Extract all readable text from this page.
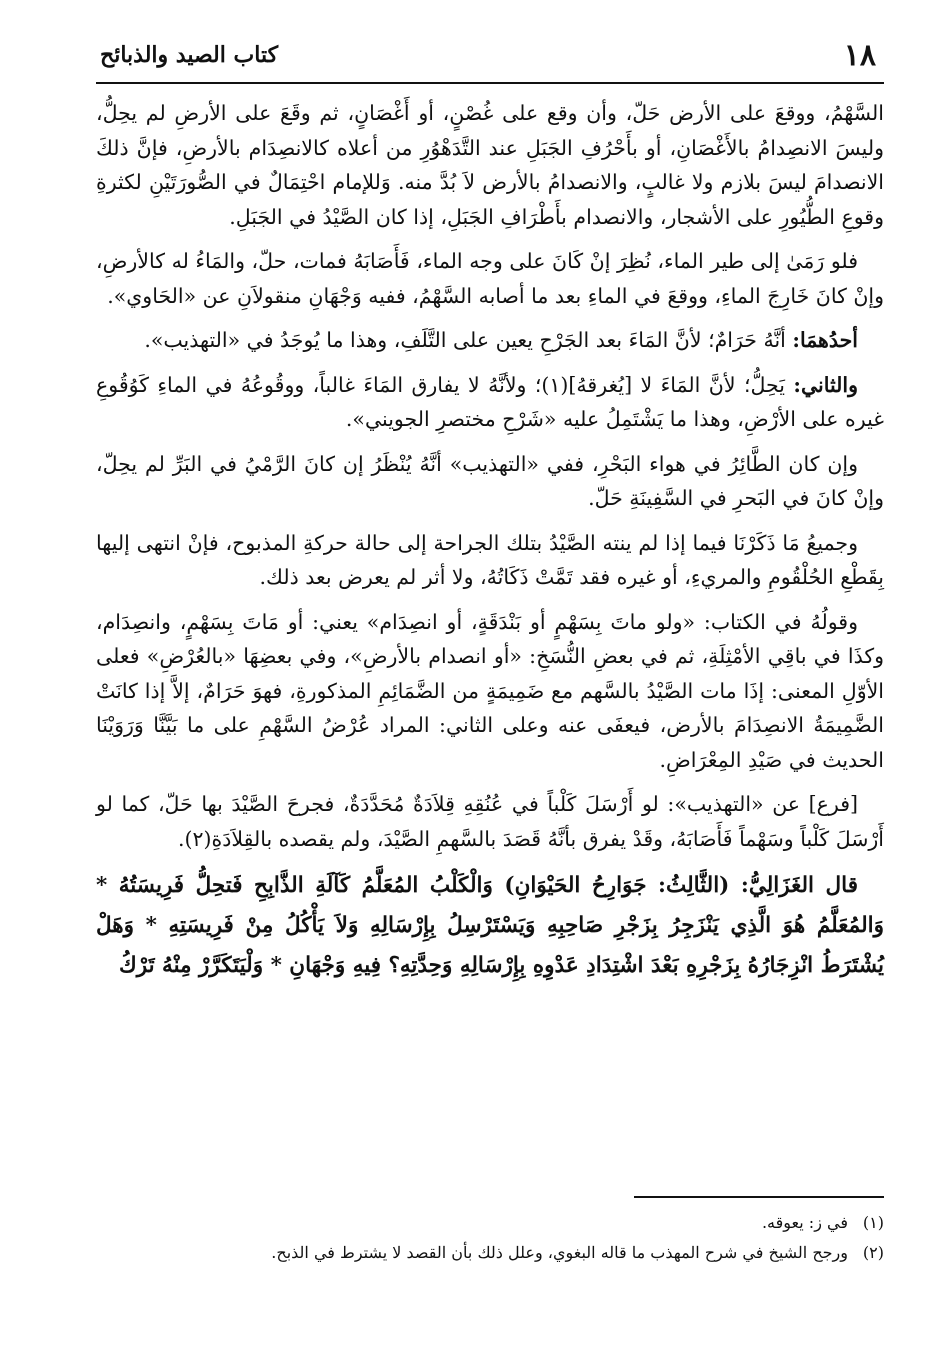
١٨
كتاب الصيد والذبائح

السَّهْمُ، ووقعَ على الأرض حَلّ، وأن وقع على غُصْنٍ، أو أَغْصَانٍ، ثم وقَعَ على الأرضِ لم يحِلُّ، وليسَ الانصِدامُ بالأَغْصَانِ، أو بأَحْرُفِ الجَبَلِ عند التَّدَهْوُرِ من أعلاه كالانصِدَام بالأرضِ، فإنَّ ذلكَ الانصدامَ ليسَ بلازم ولا غالبٍ، والانصدامُ بالأرض لاَ بُدَّ منه. وَللإمام احْتِمَالٌ في الصُّورَتَيْنِ لكثرةِ وقوعِ الطُّيُورِ على الأشجار، والانصدام بأَطْرَافِ الجَبَلِ، إذا كان الصَّيْدُ في الجَبَلِ.

فلو رَمَىٰ إلى طير الماء، نُظِرَ إنْ كَانَ على وجه الماء، فَأَصَابَهُ فمات، حلّ، والمَاءُ له كالأرضِ، وإنْ كانَ خَارِجَ الماءِ، ووقعَ في الماءِ بعد ما أصابه السَّهْمُ، ففيه وَجْهَانِ منقولاَنِ عن «الحَاوي».

أحدُهمَا: أنَّهُ حَرَامٌ؛ لأنَّ المَاءَ بعد الجَرْحِ يعين على التَّلَفِ، وهذا ما يُوجَدُ في «التهذيب».

والثاني: يَحِلُّ؛ لأنَّ المَاءَ لا [يُغرقهُ](١)؛ ولأنَّهُ لا يفارق المَاءَ غالباً، ووقُوعُهُ في الماءِ كَوُقُوعِ غيره على الأرْضِ، وهذا ما يَشْتَمِلُ عليه «شَرْحِ مختصرِ الجويني».

وإن كان الطَّائِرُ في هواء البَحْرِ، ففي «التهذيب» أنَّهُ يُنْظَرُ إن كانَ الرَّمْيُ في البَرِّ لم يحِلّ، وإنْ كانَ في البَحرِ في السَّفِينَةِ حَلّ.

وجميعُ مَا ذَكَرْنَا فيما إذا لم ينته الصَّيْدُ بتلك الجراحة إلى حالة حركةِ المذبوح، فإنْ انتهى إليها بِقَطْعِ الحُلْقُومِ والمريءِ، أو غيره فقد تَمَّتْ ذَكَاتُهُ، ولا أثر لم يعرض بعد ذلك.

وقولُهُ في الكتاب: «ولو ماتَ بِسَهْمٍ أو بَنْدَقَةٍ، أو انصِدَام» يعني: أو مَاتَ بِسَهْمٍ، وانصِدَام، وكذَا في باقِي الأمْثِلَةِ، ثم في بعضِ النُّسَخِ: «أو انصدام بالأرضِ»، وفي بعضِهَا «بالعُرْضِ» فعلى الأوّلِ المعنى: إذَا مات الصَّيْدُ بالسَّهم مع ضَمِيمَةٍ من الضَّمَائِمِ المذكورةِ، فهوَ حَرَامٌ، إلاَّ إذا كانَتْ الضَّمِيمَةُ الانصِدَامَ بالأرض، فيعفَى عنه وعلى الثاني: المراد عُرْضُ السَّهْمِ على ما بَيَّنَّا وَرَوَيْنَا الحديث في صَيْدِ المِعْرَاضِ.

[فرع] عن «التهذيب»: لو أَرْسَلَ كَلْباً في عُنُقِهِ قِلاَدَةٌ مُحَدَّدَةٌ، فجرحَ الصَّيْدَ بها حَلّ، كما لو أَرْسَلَ كَلْباً وسَهْماً فَأَصَابَهُ، وقَدْ يفرق بأنَّهُ قَصَدَ بالسَّهمِ الصَّيْدَ، ولم يقصده بالقِلاَدَةِ(٢).

قال الغَزَالِيُّ: (الثَّالِثُ: جَوَارِحُ الحَيْوَانِ) وَالْكَلْبُ المُعَلَّمُ كَآلَةِ الذَّابِحِ فَتحِلُّ فَرِيسَتُهُ * وَالمُعَلَّمُ هُوَ الَّذِي يَنْزَجِرُ بِزَجْرِ صَاحِبِهِ وَيَسْتَرْسِلُ بِإِرْسَالِهِ وَلاَ يَأْكُلُ مِنْ فَرِيسَتِهِ * وَهَلْ يُشْتَرَطُ انْزِجَارُهُ بِزَجْرِهِ بَعْدَ اشْتِدَادِ عَدْوِهِ بِإِرْسَالِهِ وَحِدَّتِهِ؟ فِيهِ وَجْهَانِ * وَلْيَتَكَرَّرْ مِنْهُ تَرْكُ

(١)
في ز: يعوقه.
(٢)
ورجح الشيخ في شرح المهذب ما قاله البغوي، وعلل ذلك بأن القصد لا يشترط في الذبح.
